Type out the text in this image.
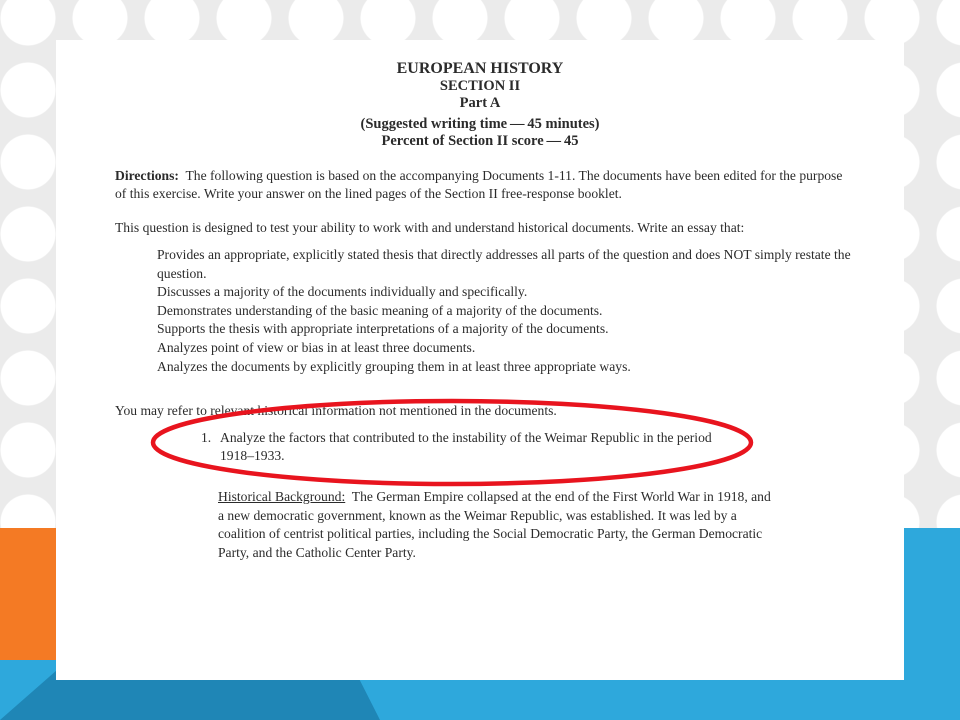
EUROPEAN HISTORY

SECTION II

Part A

(Suggested writing time — 45 minutes)

Percent of Section II score — 45

Directions: The following question is based on the accompanying Documents 1-11. The documents have been edited for the purpose of this exercise. Write your answer on the lined pages of the Section II free-response booklet.

This question is designed to test your ability to work with and understand historical documents. Write an essay that:

Provides an appropriate, explicitly stated thesis that directly addresses all parts of the question and does NOT simply restate the question.
Discusses a majority of the documents individually and specifically.
Demonstrates understanding of the basic meaning of a majority of the documents.
Supports the thesis with appropriate interpretations of a majority of the documents.
Analyzes point of view or bias in at least three documents.
Analyzes the documents by explicitly grouping them in at least three appropriate ways.

You may refer to relevant historical information not mentioned in the documents.

1. Analyze the factors that contributed to the instability of the Weimar Republic in the period 1918–1933.

Historical Background: The German Empire collapsed at the end of the First World War in 1918, and a new democratic government, known as the Weimar Republic, was established. It was led by a coalition of centrist political parties, including the Social Democratic Party, the German Democratic Party, and the Catholic Center Party.
